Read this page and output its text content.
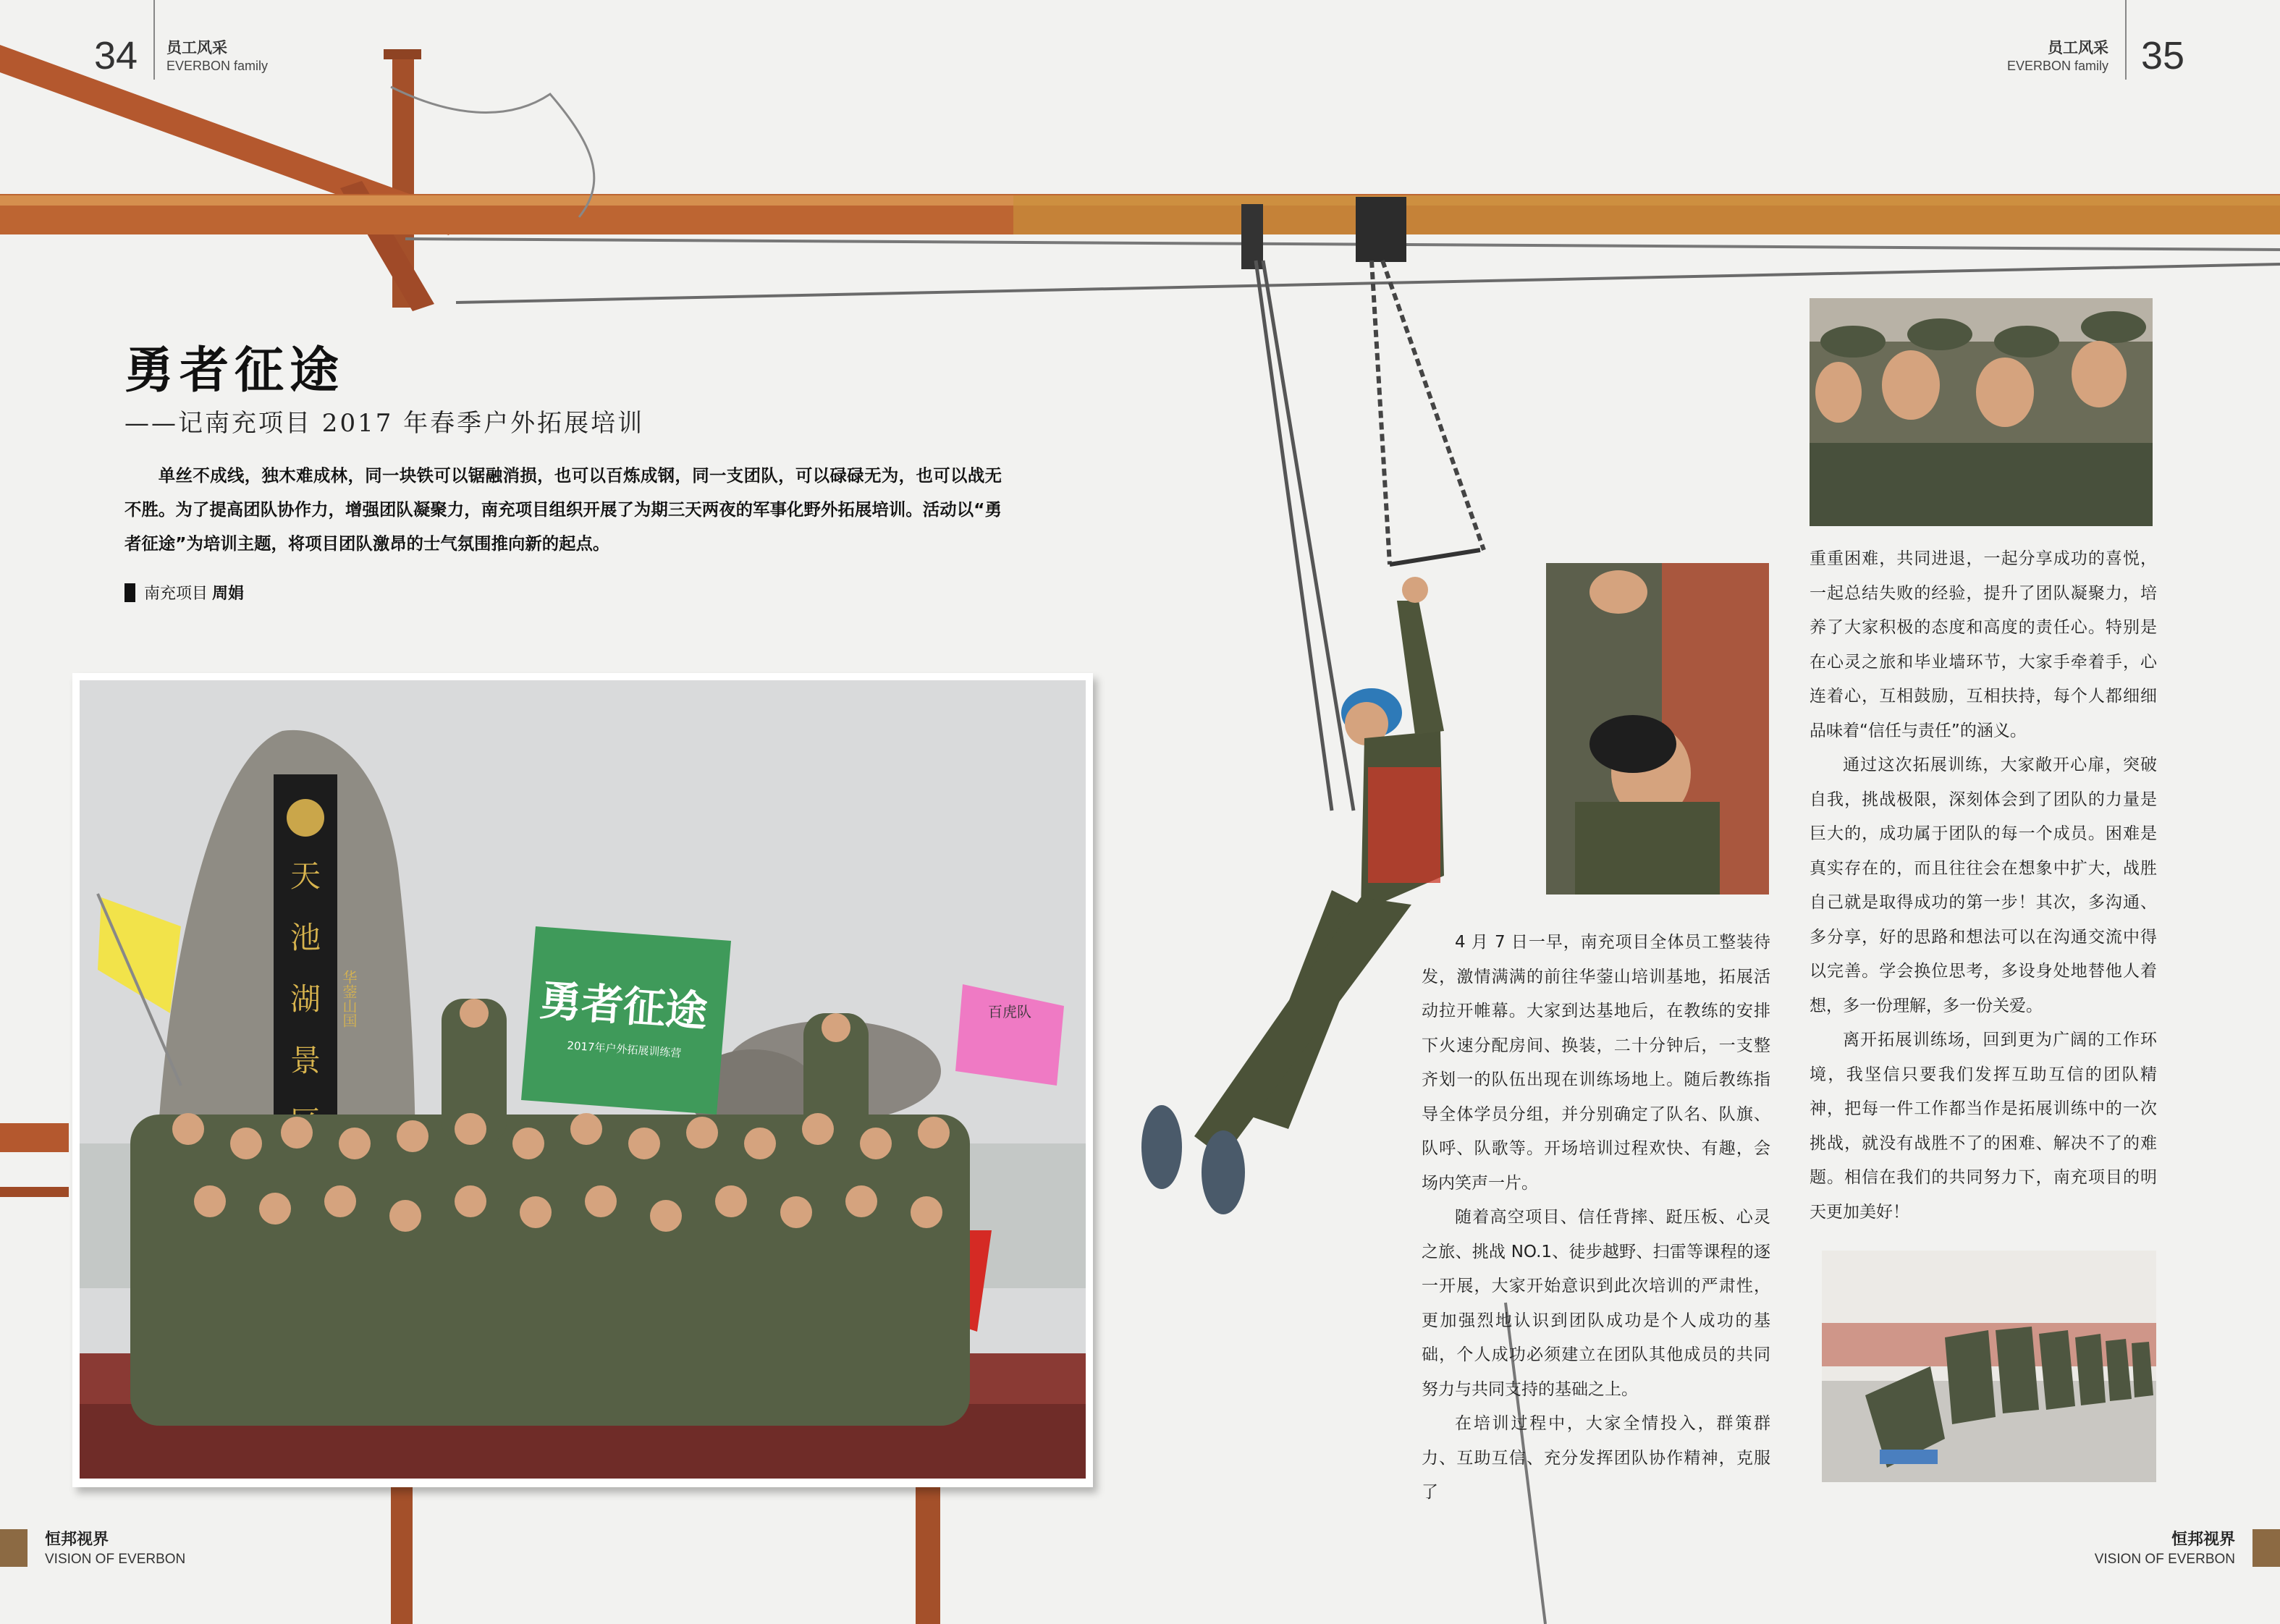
34 员工风采
EVERBON family
员工风采
EVERBON family 35
勇者征途
——记南充项目 2017 年春季户外拓展培训
单丝不成线，独木难成林，同一块铁可以锯融消损，也可以百炼成钢，同一支团队，可以碌碌无为，也可以战无不胜。为了提高团队协作力，增强团队凝聚力，南充项目组织开展了为期三天两夜的军事化野外拓展培训。活动以“勇者征途”为培训主题，将项目团队激昂的士气氛围推向新的起点。
南充项目 周娟
天
池
湖
景
华蓥山国	勇者征途
2017年户外拓展训练营
百虎队

4 月 7 日一早，南充项目全体员工整装待发，激情满满的前往华蓥山培训基地，拓展活动拉开帷幕。大家到达基地后，在教练的安排下火速分配房间、换装，二十分钟后，一支整齐划一的队伍出现在训练场地上。随后教练指导全体学员分组，并分别确定了队名、队旗、队呼、队歌等。开场培训过程欢快、有趣，会场内笑声一片。

随着高空项目、信任背摔、跹压板、心灵之旅、挑战 NO.1、徒步越野、扫雷等课程的逐一开展，大家开始意识到此次培训的严肃性，更加强烈地认识到团队成功是个人成功的基础，个人成功必须建立在团队其他成员的共同努力与共同支持的基础之上。

在培训过程中，大家全情投入，群策群力、互助互信、充分发挥团队协作精神，克服了

重重困难，共同进退，一起分享成功的喜悦，一起总结失败的经验，提升了团队凝聚力，培养了大家积极的态度和高度的责任心。特别是在心灵之旅和毕业墙环节，大家手牵着手，心连着心，互相鼓励，互相扶持，每个人都细细品味着“信任与责任”的涵义。

通过这次拓展训练，大家敞开心扉，突破自我，挑战极限，深刻体会到了团队的力量是巨大的，成功属于团队的每一个成员。困难是真实存在的，而且往往会在想象中扩大，战胜自己就是取得成功的第一步！其次，多沟通、多分享，好的思路和想法可以在沟通交流中得以完善。学会换位思考，多设身处地替他人着想，多一份理解，多一份关爱。

离开拓展训练场，回到更为广阔的工作环境，我坚信只要我们发挥互助互信的团队精神，把每一件工作都当作是拓展训练中的一次挑战，就没有战胜不了的困难、解决不了的难题。相信在我们的共同努力下，南充项目的明天更加美好！

恒邦视界
VISION OF EVERBON
恒邦视界
VISION OF EVERBON
